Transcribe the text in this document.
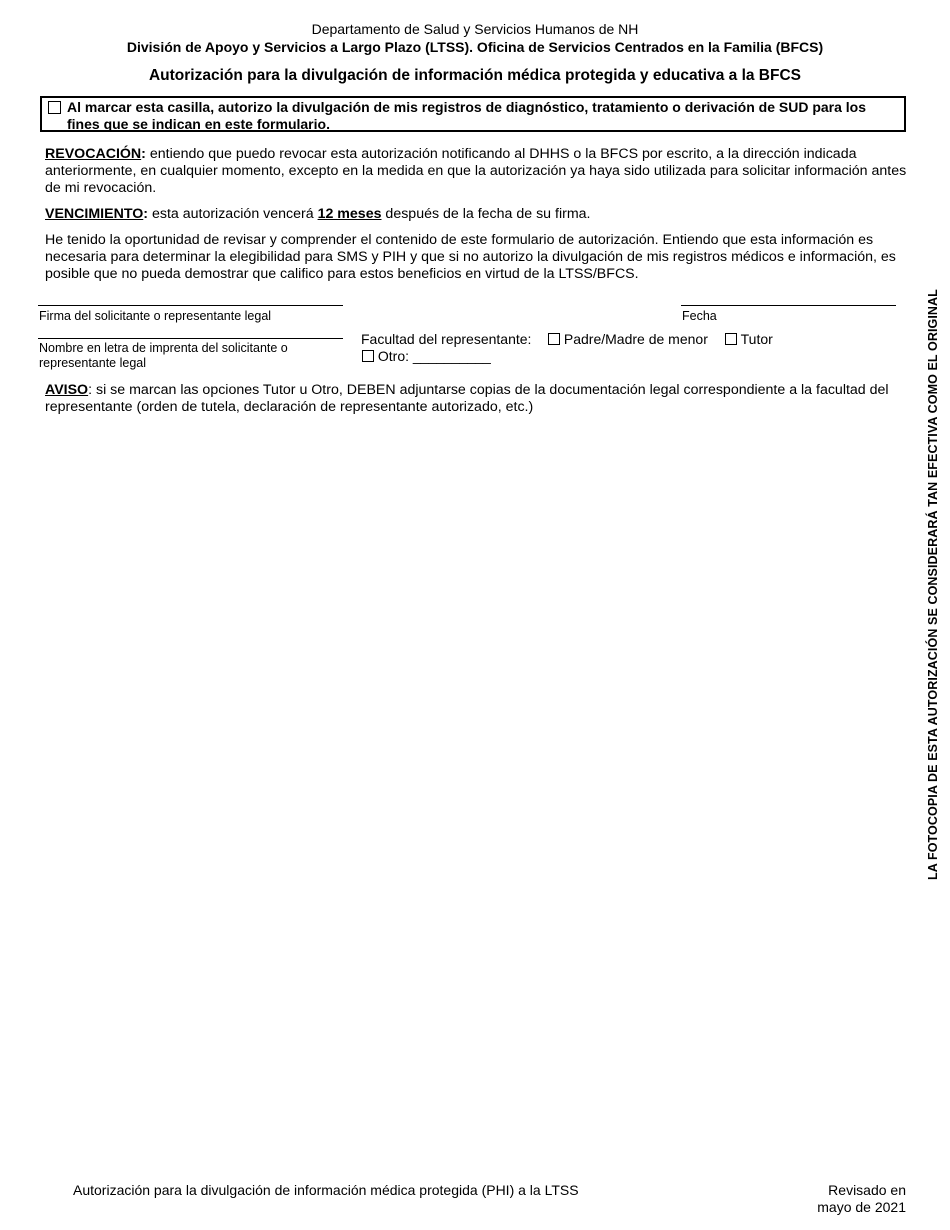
Departamento de Salud y Servicios Humanos de NH
División de Apoyo y Servicios a Largo Plazo (LTSS). Oficina de Servicios Centrados en la Familia (BFCS)
Autorización para la divulgación de información médica protegida y educativa a la BFCS
Al marcar esta casilla, autorizo la divulgación de mis registros de diagnóstico, tratamiento o derivación de SUD para los fines que se indican en este formulario.
REVOCACIÓN: entiendo que puedo revocar esta autorización notificando al DHHS o la BFCS por escrito, a la dirección indicada anteriormente, en cualquier momento, excepto en la medida en que la autorización ya haya sido utilizada para solicitar información antes de mi revocación.
VENCIMIENTO: esta autorización vencerá 12 meses después de la fecha de su firma.
He tenido la oportunidad de revisar y comprender el contenido de este formulario de autorización. Entiendo que esta información es necesaria para determinar la elegibilidad para SMS y PIH y que si no autorizo la divulgación de mis registros médicos e información, es posible que no pueda demostrar que califico para estos beneficios en virtud de la LTSS/BFCS.
Firma del solicitante o representante legal	Fecha
Nombre en letra de imprenta del solicitante o representante legal
Facultad del representante:	Padre/Madre de menor	Tutor
Otro: __________
AVISO: si se marcan las opciones Tutor u Otro, DEBEN adjuntarse copias de la documentación legal correspondiente a la facultad del representante (orden de tutela, declaración de representante autorizado, etc.)	LA FOTOCOPIA DE ESTA AUTORIZACIÓN SE CONSIDERARÁ TAN EFECTIVA COMO EL ORIGINAL
Autorización para la divulgación de información médica protegida (PHI) a la LTSS	Revisado en
mayo de 2021
